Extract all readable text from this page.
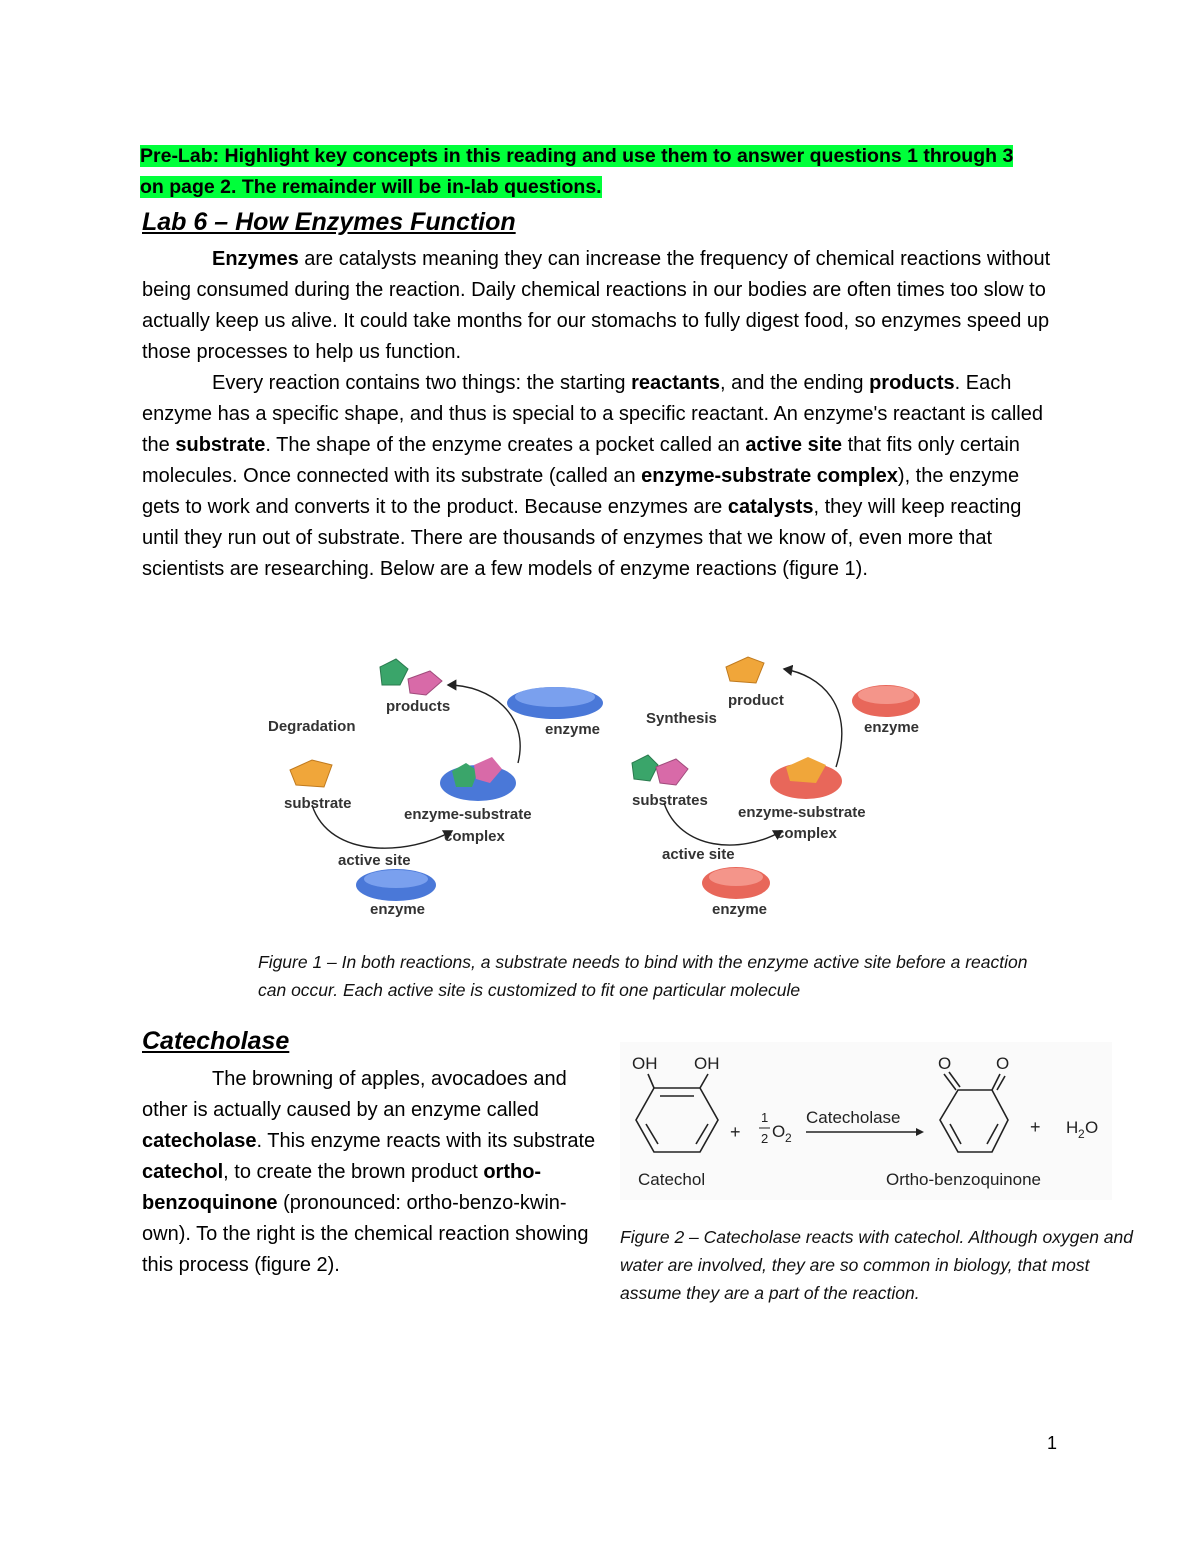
Pre-Lab: Highlight key concepts in this reading and use them to answer questions 1 through 3
on page 2. The remainder will be in-lab questions.
Lab 6 – How Enzymes Function
Enzymes are catalysts meaning they can increase the frequency of chemical reactions without being consumed during the reaction. Daily chemical reactions in our bodies are often times too slow to actually keep us alive. It could take months for our stomachs to fully digest food, so enzymes speed up those processes to help us function.
Every reaction contains two things: the starting reactants, and the ending products. Each enzyme has a specific shape, and thus is special to a specific reactant. An enzyme's reactant is called the substrate. The shape of the enzyme creates a pocket called an active site that fits only certain molecules. Once connected with its substrate (called an enzyme-substrate complex), the enzyme gets to work and converts it to the product. Because enzymes are catalysts, they will keep reacting until they run out of substrate. There are thousands of enzymes that we know of, even more that scientists are researching. Below are a few models of enzyme reactions (figure 1).
Degradation
products
enzyme
substrate
enzyme-substrate
complex
active site
enzyme
Synthesis
product
enzyme
substrates
enzyme-substrate
complex
active site
enzyme
Figure 1 – In both reactions, a substrate needs to bind with the enzyme active site before a reaction can occur. Each active site is customized to fit one particular molecule
Catecholase
The browning of apples, avocadoes and other is actually caused by an enzyme called catecholase. This enzyme reacts with its substrate catechol, to create the brown product ortho-benzoquinone (pronounced: ortho-benzo-kwin-own). To the right is the chemical reaction showing this process (figure 2).
OH OH
Catechol
+
1
2 O 2
Catecholase
O	O
Ortho-benzoquinone
+ H 2 O
Figure 2 – Catecholase reacts with catechol. Although oxygen and water are involved, they are so common in biology, that most assume they are a part of the reaction.
1
